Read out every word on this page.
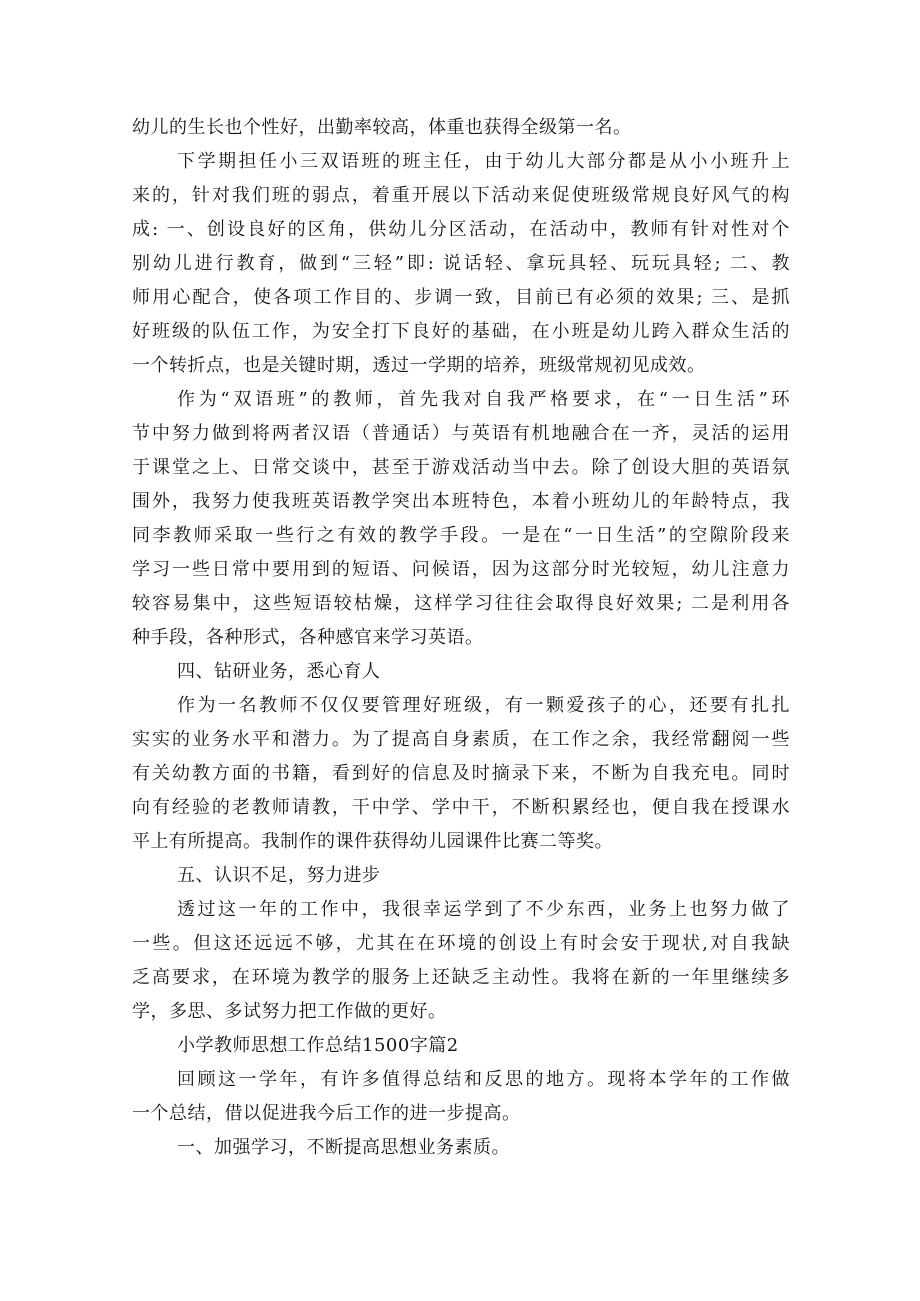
幼儿的生长也个性好，出勤率较高，体重也获得全级第一名。
下学期担任小三双语班的班主任，由于幼儿大部分都是从小小班升上
来的，针对我们班的弱点，着重开展以下活动来促使班级常规良好风气的构
成: 一、创设良好的区角，供幼儿分区活动，在活动中，教师有针对性对个
别幼儿进行教育，做到“三轻”即: 说话轻、拿玩具轻、玩玩具轻; 二、教
师用心配合，使各项工作目的、步调一致，目前已有必须的效果; 三、是抓
好班级的队伍工作，为安全打下良好的基础，在小班是幼儿跨入群众生活的
一个转折点，也是关键时期，透过一学期的培养，班级常规初见成效。
作为“双语班”的教师，首先我对自我严格要求，在“一日生活”环
节中努力做到将两者汉语（普通话）与英语有机地融合在一齐，灵活的运用
于课堂之上、日常交谈中，甚至于游戏活动当中去。除了创设大胆的英语氛
围外，我努力使我班英语教学突出本班特色，本着小班幼儿的年龄特点，我
同李教师采取一些行之有效的教学手段。一是在“一日生活”的空隙阶段来
学习一些日常中要用到的短语、问候语，因为这部分时光较短，幼儿注意力
较容易集中，这些短语较枯燥，这样学习往往会取得良好效果; 二是利用各
种手段，各种形式，各种感官来学习英语。
四、钻研业务，悉心育人
作为一名教师不仅仅要管理好班级，有一颗爱孩子的心，还要有扎扎
实实的业务水平和潜力。为了提高自身素质，在工作之余，我经常翻阅一些
有关幼教方面的书籍，看到好的信息及时摘录下来，不断为自我充电。同时
向有经验的老教师请教，干中学、学中干，不断积累经也，便自我在授课水
平上有所提高。我制作的课件获得幼儿园课件比赛二等奖。
五、认识不足，努力进步
透过这一年的工作中，我很幸运学到了不少东西，业务上也努力做了
一些。但这还远远不够，尤其在在环境的创设上有时会安于现状,对自我缺
乏高要求，在环境为教学的服务上还缺乏主动性。我将在新的一年里继续多
学，多思、多试努力把工作做的更好。
小学教师思想工作总结1500字篇2
回顾这一学年，有许多值得总结和反思的地方。现将本学年的工作做
一个总结，借以促进我今后工作的进一步提高。
一、加强学习，不断提高思想业务素质。
